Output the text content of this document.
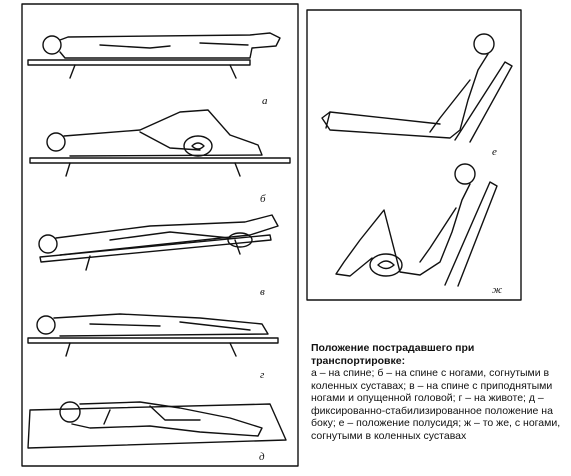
а
б
в
г
д
е
ж
Положение пострадавшего при транспортировке:
а – на спине; б – на спине с ногами, согнутыми в коленных суставах; в – на спине с приподнятыми ногами и опущенной головой; г – на животе; д – фиксированно-стабилизированное положение на боку; е – положение полусидя; ж – то же, с ногами, согнутыми в коленных суставах
